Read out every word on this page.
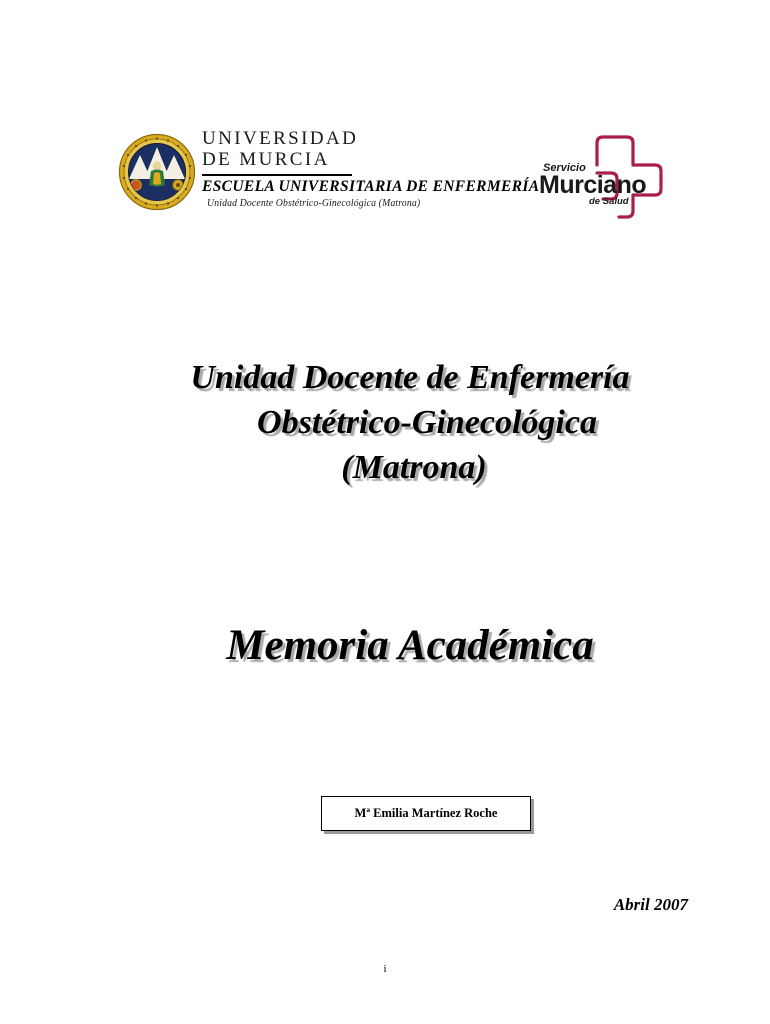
UNIVERSIDAD
DE MURCIA
ESCUELA UNIVERSITARIA DE ENFERMERÍA
Unidad Docente Obstétrico-Ginecológica (Matrona)
Servicio
Murciano
de Salud
Unidad Docente de Enfermería
Obstétrico-Ginecológica
(Matrona)
Memoria Académica
Mª Emilia Martínez Roche
Abril 2007
i
